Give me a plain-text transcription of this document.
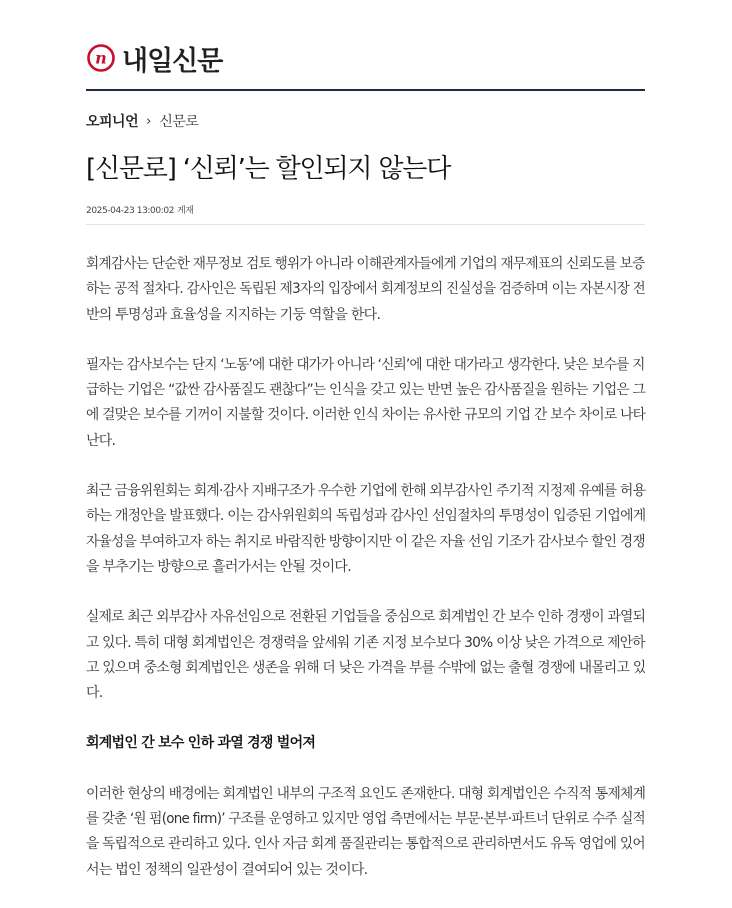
n 내일신문
오피니언 › 신문로
[신문로] ‘신뢰’는 할인되지 않는다
2025-04-23 13:00:02 게재

회계감사는 단순한 재무정보 검토 행위가 아니라 이해관계자들에게 기업의 재무제표의 신뢰도를 보증
하는 공적 절차다. 감사인은 독립된 제3자의 입장에서 회계정보의 진실성을 검증하며 이는 자본시장 전
반의 투명성과 효율성을 지지하는 기둥 역할을 한다.

필자는 감사보수는 단지 ‘노동’에 대한 대가가 아니라 ‘신뢰’에 대한 대가라고 생각한다. 낮은 보수를 지
급하는 기업은 “값싼 감사품질도 괜찮다”는 인식을 갖고 있는 반면 높은 감사품질을 원하는 기업은 그
에 걸맞은 보수를 기꺼이 지불할 것이다. 이러한 인식 차이는 유사한 규모의 기업 간 보수 차이로 나타
난다.

최근 금융위원회는 회계·감사 지배구조가 우수한 기업에 한해 외부감사인 주기적 지정제 유예를 허용
하는 개정안을 발표했다. 이는 감사위원회의 독립성과 감사인 선임절차의 투명성이 입증된 기업에게
자율성을 부여하고자 하는 취지로 바람직한 방향이지만 이 같은 자율 선임 기조가 감사보수 할인 경쟁
을 부추기는 방향으로 흘러가서는 안될 것이다.

실제로 최근 외부감사 자유선임으로 전환된 기업들을 중심으로 회계법인 간 보수 인하 경쟁이 과열되
고 있다. 특히 대형 회계법인은 경쟁력을 앞세워 기존 지정 보수보다 30% 이상 낮은 가격으로 제안하
고 있으며 중소형 회계법인은 생존을 위해 더 낮은 가격을 부를 수밖에 없는 출혈 경쟁에 내몰리고 있
다.

회계법인 간 보수 인하 과열 경쟁 벌어져

이러한 현상의 배경에는 회계법인 내부의 구조적 요인도 존재한다. 대형 회계법인은 수직적 통제체계
를 갖춘 ‘원 펌(one firm)’ 구조를 운영하고 있지만 영업 측면에서는 부문·본부·파트너 단위로 수주 실적
을 독립적으로 관리하고 있다. 인사 자금 회계 품질관리는 통합적으로 관리하면서도 유독 영업에 있어
서는 법인 정책의 일관성이 결여되어 있는 것이다.
